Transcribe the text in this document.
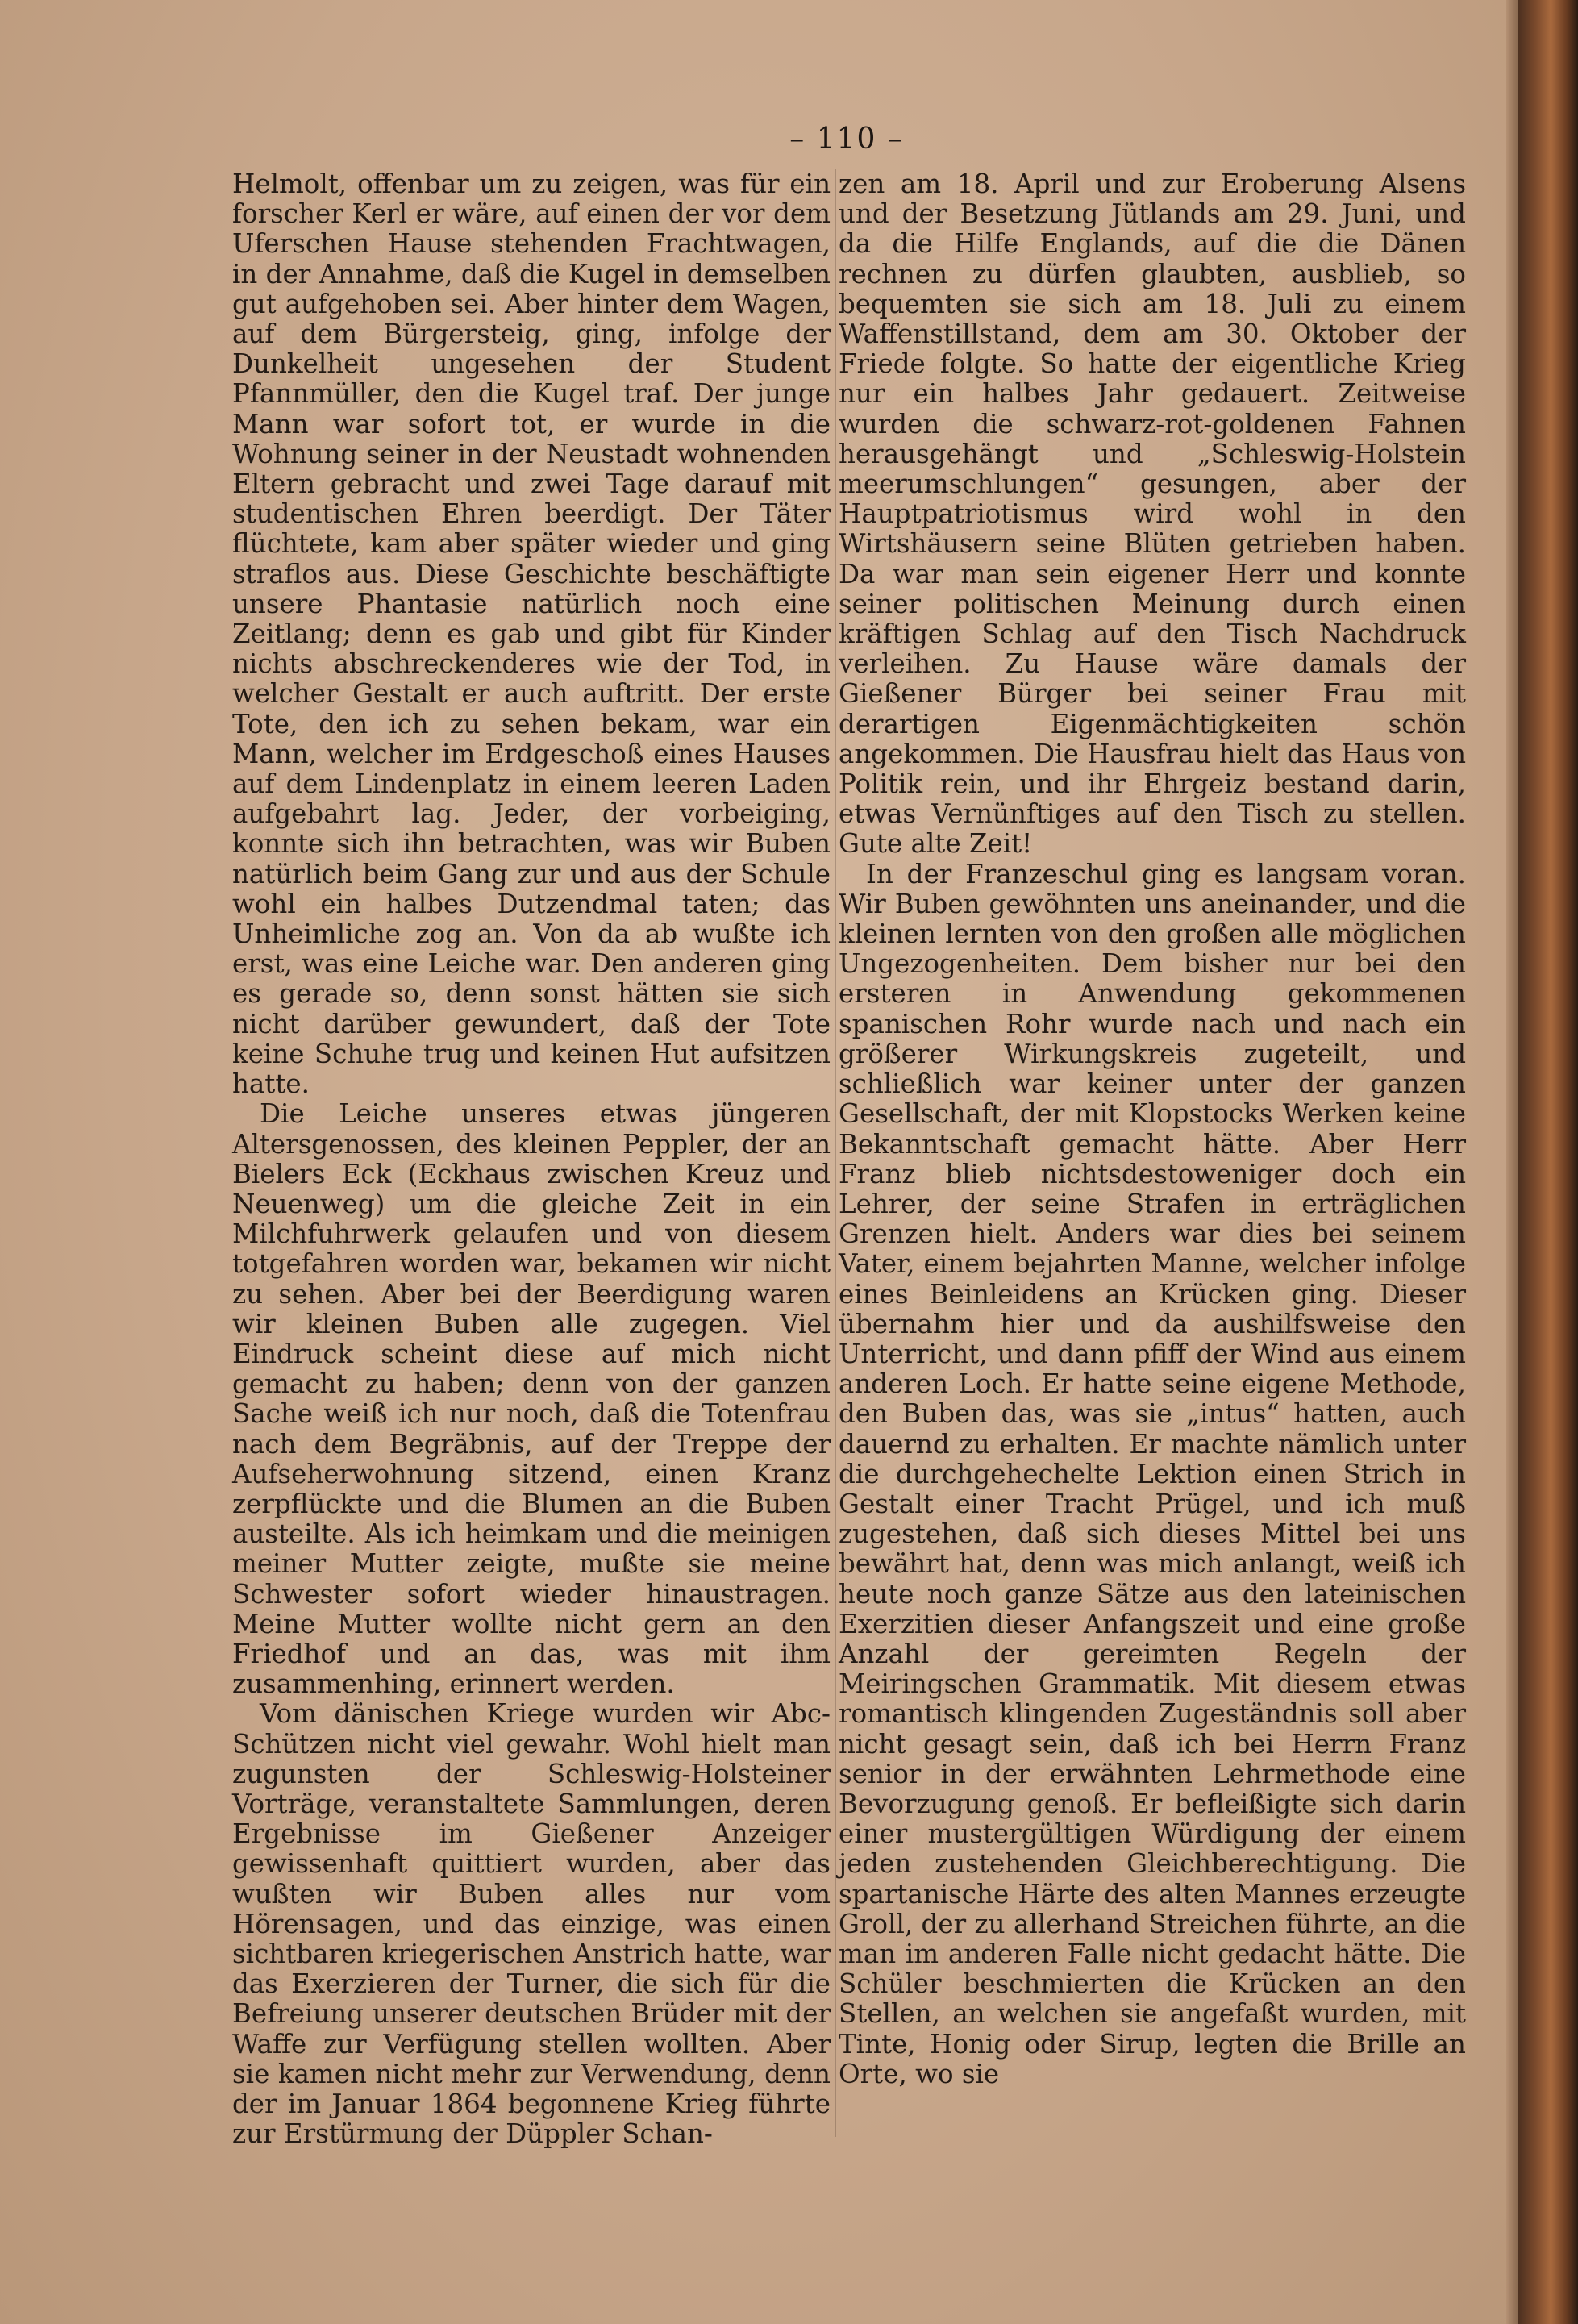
– 110 –

Helmolt, offenbar um zu zeigen, was für ein forscher Kerl er wäre, auf einen der vor dem Uferschen Hause stehenden Frachtwagen, in der Annahme, daß die Kugel in demselben gut aufgehoben sei. Aber hinter dem Wagen, auf dem Bürgersteig, ging, infolge der Dunkelheit ungesehen der Student Pfannmüller, den die Kugel traf. Der junge Mann war sofort tot, er wurde in die Wohnung seiner in der Neustadt wohnenden Eltern gebracht und zwei Tage darauf mit studentischen Ehren beerdigt. Der Täter flüchtete, kam aber später wieder und ging straflos aus. Diese Geschichte beschäftigte unsere Phantasie natürlich noch eine Zeitlang; denn es gab und gibt für Kinder nichts abschreckenderes wie der Tod, in welcher Gestalt er auch auftritt. Der erste Tote, den ich zu sehen bekam, war ein Mann, welcher im Erdgeschoß eines Hauses auf dem Lindenplatz in einem leeren Laden aufgebahrt lag. Jeder, der vorbeiging, konnte sich ihn betrachten, was wir Buben natürlich beim Gang zur und aus der Schule wohl ein halbes Dutzendmal taten; das Unheimliche zog an. Von da ab wußte ich erst, was eine Leiche war. Den anderen ging es gerade so, denn sonst hätten sie sich nicht darüber gewundert, daß der Tote keine Schuhe trug und keinen Hut aufsitzen hatte.

Die Leiche unseres etwas jüngeren Altersgenossen, des kleinen Peppler, der an Bielers Eck (Eckhaus zwischen Kreuz und Neuenweg) um die gleiche Zeit in ein Milchfuhrwerk gelaufen und von diesem totgefahren worden war, bekamen wir nicht zu sehen. Aber bei der Beerdigung waren wir kleinen Buben alle zugegen. Viel Eindruck scheint diese auf mich nicht gemacht zu haben; denn von der ganzen Sache weiß ich nur noch, daß die Totenfrau nach dem Begräbnis, auf der Treppe der Aufseherwohnung sitzend, einen Kranz zerpflückte und die Blumen an die Buben austeilte. Als ich heimkam und die meinigen meiner Mutter zeigte, mußte sie meine Schwester sofort wieder hinaustragen. Meine Mutter wollte nicht gern an den Friedhof und an das, was mit ihm zusammenhing, erinnert werden.

Vom dänischen Kriege wurden wir Abc-Schützen nicht viel gewahr. Wohl hielt man zugunsten der Schleswig-Holsteiner Vorträge, veranstaltete Sammlungen, deren Ergebnisse im Gießener Anzeiger gewissenhaft quittiert wurden, aber das wußten wir Buben alles nur vom Hörensagen, und das einzige, was einen sichtbaren kriegerischen Anstrich hatte, war das Exerzieren der Turner, die sich für die Befreiung unserer deutschen Brüder mit der Waffe zur Verfügung stellen wollten. Aber sie kamen nicht mehr zur Verwendung, denn der im Januar 1864 begonnene Krieg führte zur Erstürmung der Düppler Schan-

zen am 18. April und zur Eroberung Alsens und der Besetzung Jütlands am 29. Juni, und da die Hilfe Englands, auf die die Dänen rechnen zu dürfen glaubten, ausblieb, so bequemten sie sich am 18. Juli zu einem Waffenstillstand, dem am 30. Oktober der Friede folgte. So hatte der eigentliche Krieg nur ein halbes Jahr gedauert. Zeitweise wurden die schwarz-rot-goldenen Fahnen herausgehängt und „Schleswig-Holstein meerumschlungen“ gesungen, aber der Hauptpatriotismus wird wohl in den Wirtshäusern seine Blüten getrieben haben. Da war man sein eigener Herr und konnte seiner politischen Meinung durch einen kräftigen Schlag auf den Tisch Nachdruck verleihen. Zu Hause wäre damals der Gießener Bürger bei seiner Frau mit derartigen Eigenmächtigkeiten schön angekommen. Die Hausfrau hielt das Haus von Politik rein, und ihr Ehrgeiz bestand darin, etwas Vernünftiges auf den Tisch zu stellen. Gute alte Zeit!

In der Franzeschul ging es langsam voran. Wir Buben gewöhnten uns aneinander, und die kleinen lernten von den großen alle möglichen Ungezogenheiten. Dem bisher nur bei den ersteren in Anwendung gekommenen spanischen Rohr wurde nach und nach ein größerer Wirkungskreis zugeteilt, und schließlich war keiner unter der ganzen Gesellschaft, der mit Klopstocks Werken keine Bekanntschaft gemacht hätte. Aber Herr Franz blieb nichtsdestoweniger doch ein Lehrer, der seine Strafen in erträglichen Grenzen hielt. Anders war dies bei seinem Vater, einem bejahrten Manne, welcher infolge eines Beinleidens an Krücken ging. Dieser übernahm hier und da aushilfsweise den Unterricht, und dann pfiff der Wind aus einem anderen Loch. Er hatte seine eigene Methode, den Buben das, was sie „intus“ hatten, auch dauernd zu erhalten. Er machte nämlich unter die durchgehechelte Lektion einen Strich in Gestalt einer Tracht Prügel, und ich muß zugestehen, daß sich dieses Mittel bei uns bewährt hat, denn was mich anlangt, weiß ich heute noch ganze Sätze aus den lateinischen Exerzitien dieser Anfangszeit und eine große Anzahl der gereimten Regeln der Meiringschen Grammatik. Mit diesem etwas romantisch klingenden Zugeständnis soll aber nicht gesagt sein, daß ich bei Herrn Franz senior in der erwähnten Lehrmethode eine Bevorzugung genoß. Er befleißigte sich darin einer mustergültigen Würdigung der einem jeden zustehenden Gleichberechtigung. Die spartanische Härte des alten Mannes erzeugte Groll, der zu allerhand Streichen führte, an die man im anderen Falle nicht gedacht hätte. Die Schüler beschmierten die Krücken an den Stellen, an welchen sie angefaßt wurden, mit Tinte, Honig oder Sirup, legten die Brille an Orte, wo sie
